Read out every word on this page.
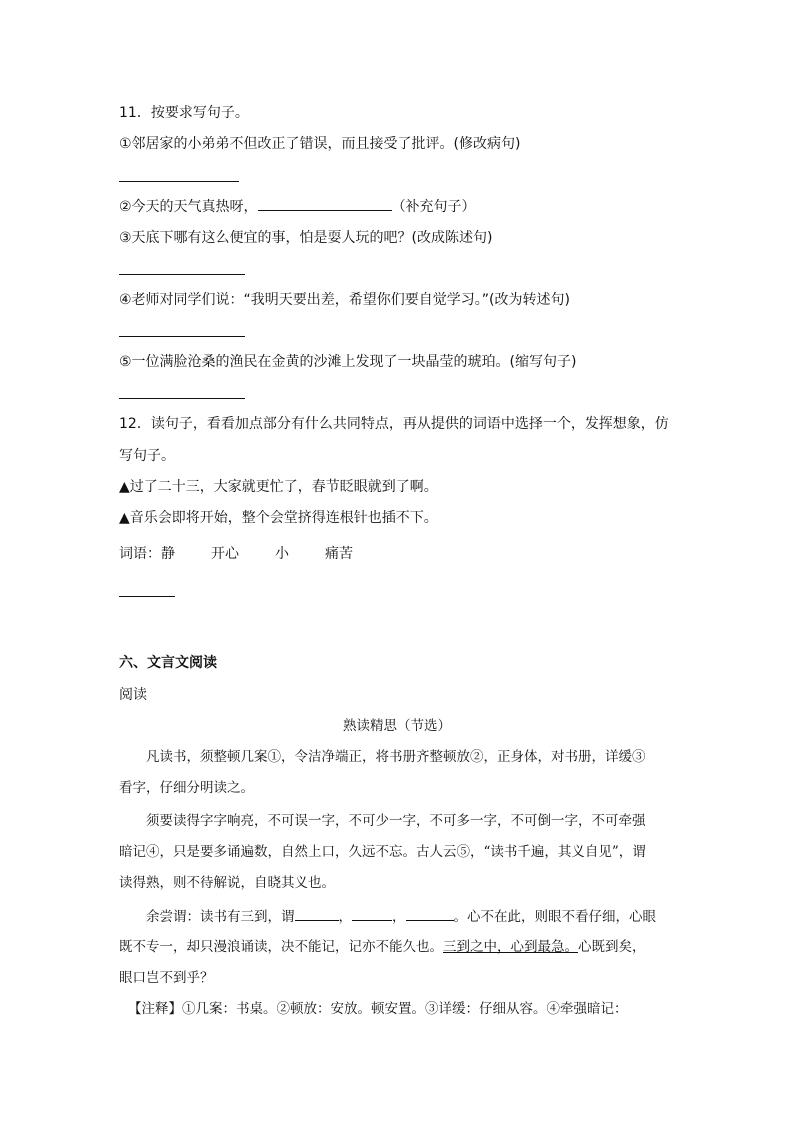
11．按要求写句子。
①邻居家的小弟弟不但改正了错误，而且接受了批评。(修改病句)
②今天的天气真热呀，	（补充句子）
③天底下哪有这么便宜的事，怕是耍人玩的吧？(改成陈述句)
④老师对同学们说：“我明天要出差，希望你们要自觉学习。”(改为转述句)
⑤一位满脸沧桑的渔民在金黄的沙滩上发现了一块晶莹的琥珀。(缩写句子)
12．读句子，看看加点部分有什么共同特点，再从提供的词语中选择一个，发挥想象，仿
写句子。
▲过了二十三，大家就更忙了，春节眨眼就到了啊。
▲音乐会即将开始，整个会堂挤得连根针也插不下。
词语：静	开心	小	痛苦
六、文言文阅读
阅读
熟读精思（节选）
凡读书，须整顿几案①，令洁净端正，将书册齐整顿放②，正身体，对书册，详缓③
看字，仔细分明读之。
须要读得字字响亮，不可误一字，不可少一字，不可多一字，不可倒一字，不可牵强
暗记④，只是要多诵遍数，自然上口，久远不忘。古人云⑤，“读书千遍，其义自见”，谓
读得熟，则不待解说，自晓其义也。
余尝谓：读书有三到，谓	，	，	。心不在此，则眼不看仔细，心眼
既不专一，却只漫浪诵读，决不能记，记亦不能久也。三到之中，心到最急。心既到矣，
眼口岂不到乎？
【注释】①几案：书桌。②顿放：安放。顿安置。③详缓：仔细从容。④牵强暗记：
